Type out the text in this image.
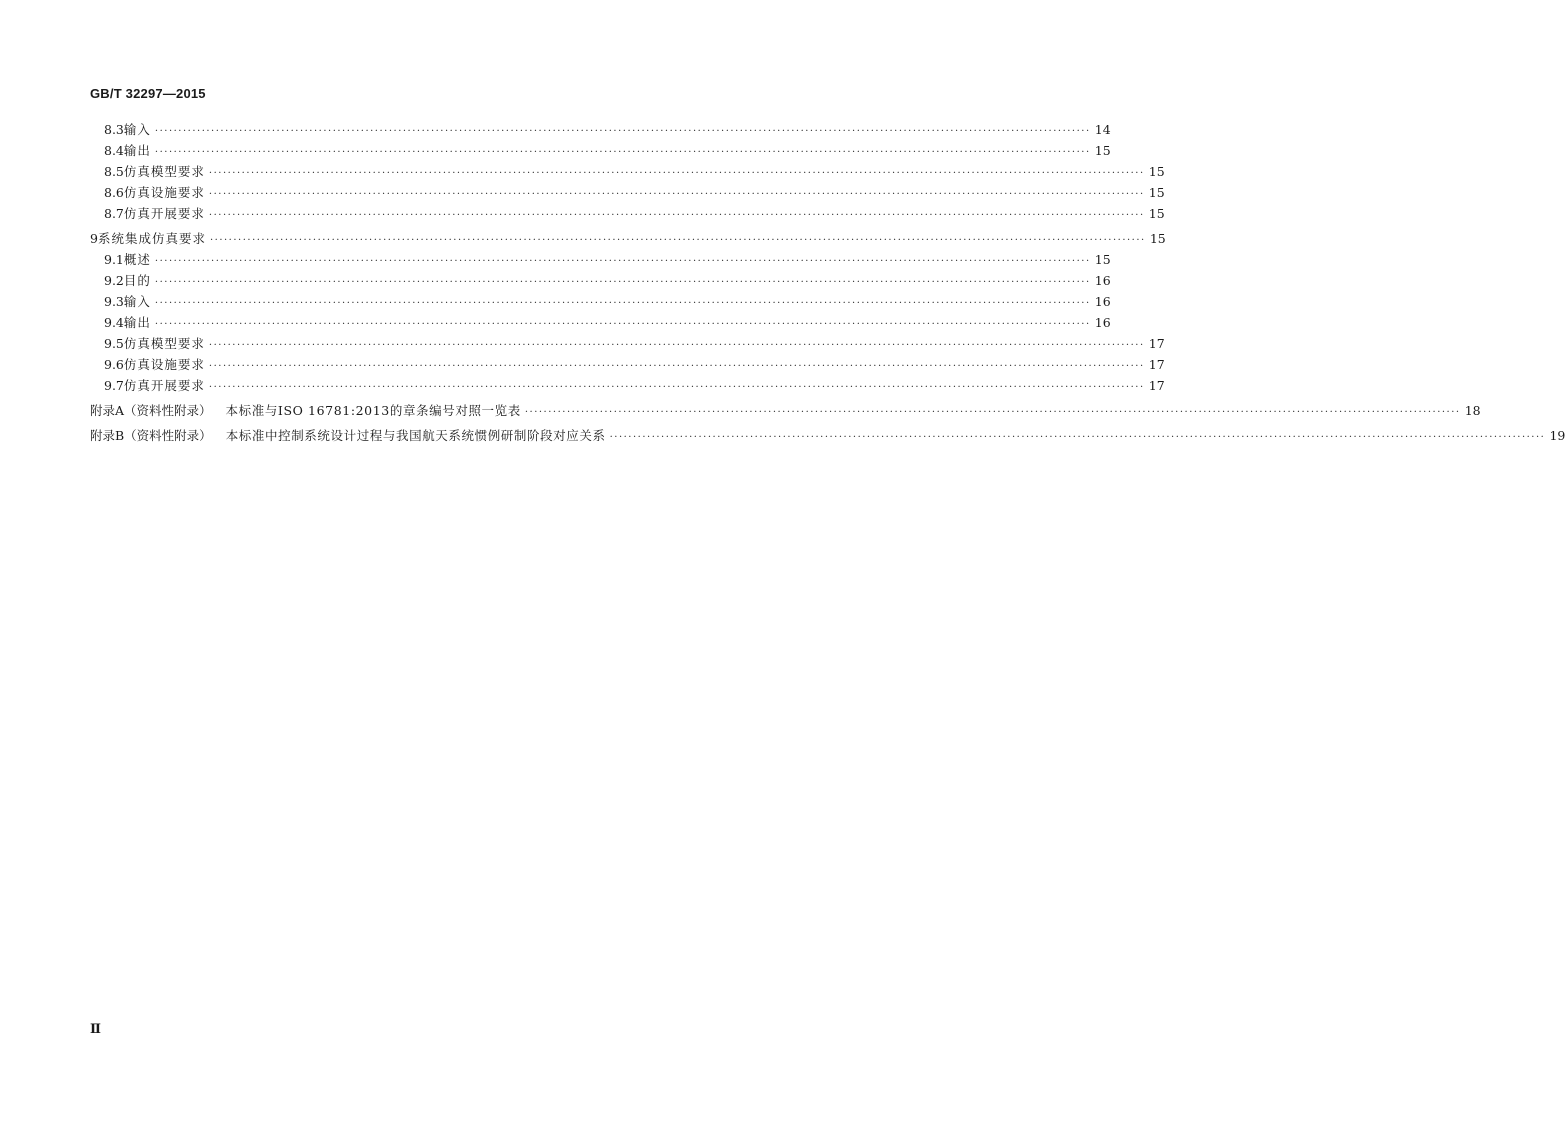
GB/T 32297—2015
8.3 输入 ········································································································································································································ 14
8.4 输出 ········································································································································································································ 15
8.5 仿真模型要求 ········································································································································································································ 15
8.6 仿真设施要求 ········································································································································································································ 15
8.7 仿真开展要求 ········································································································································································································ 15
9 系统集成仿真要求 ········································································································································································································ 15
9.1 概述 ········································································································································································································ 15
9.2 目的 ········································································································································································································ 16
9.3 输入 ········································································································································································································ 16
9.4 输出 ········································································································································································································ 16
9.5 仿真模型要求 ········································································································································································································ 17
9.6 仿真设施要求 ········································································································································································································ 17
9.7 仿真开展要求 ········································································································································································································ 17
附录A（资料性附录） 本标准与ISO 16781:2013的章条编号对照一览表 ········································································································································································································ 18
附录B（资料性附录） 本标准中控制系统设计过程与我国航天系统惯例研制阶段对应关系 ········································································································································································································ 19
Ⅱ
